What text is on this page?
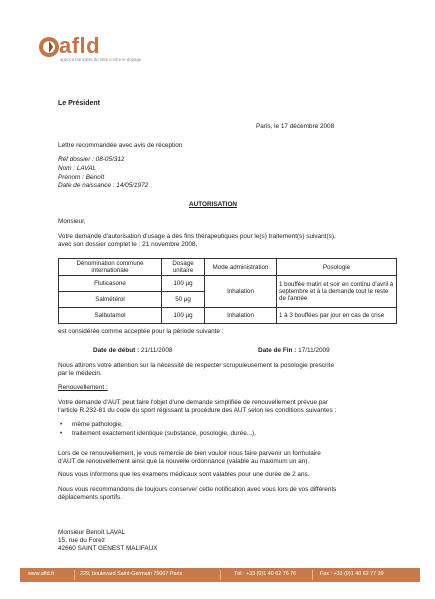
afld
agence française de lutte contre le dopage
Le Président
Paris, le 17 décembre 2008
Lettre recommandée avec avis de réception
Réf dossier : 08-05/312
Nom : LAVAL
Prénom : Benoît
Date de naissance : 14/05/1972
AUTORISATION
Monsieur,
Votre demande d'autorisation d'usage à des fins thérapeutiques pour le(s) traitement(s) suivant(s),
avec son dossier complet le : 21 novembre 2008,
Dénomination commune internationale	Dosage unitaire	Mode administration	Posologie
Fluticasone	100 µg	Inhalation	1 bouffée matin et soir en continu d'avril à septembre et à la demande tout le reste de l'année
Salmétérol	50 µg		
Salbutamol	100 µg	Inhalation	1 à 3 bouffées par jour en cas de crise
est considérée comme acceptée pour la période suivante :
Date de début : 21/11/2008	Date de Fin : 17/11/2009
Nous attirons votre attention sur la nécessité de respecter scrupuleusement la posologie prescrite
par le médecin.
Renouvellement :
Votre demande d'AUT peut faire l'objet d'une demande simplifiée de renouvellement prévue par
l'article R.232-81 du code du sport régissant la procédure des AUT selon les conditions suivantes :
• même pathologie,
• traitement exactement identique (substance, posologie, durée...).
Lors de ce renouvellement, je vous remercie de bien vouloir nous faire parvenir un formulaire
d'AUT de renouvellement ainsi que la nouvelle ordonnance (valable au maximum un an).
Nous vous informons que les examens médicaux sont valables pour une durée de 2 ans.
Nous vous recommandons de toujours conserver cette notification avec vous lors de vos différents
déplacements sportifs.
Monsieur Benoît LAVAL
15, rue du Forez
42660 SAINT GENEST MALIFAUX
www.afld.fr	229, boulevard Saint-Germain 75007 Paris	Tél : +33 (0)1 40 62 76 76	Fax : +33 (0)1 40 62 77 39
